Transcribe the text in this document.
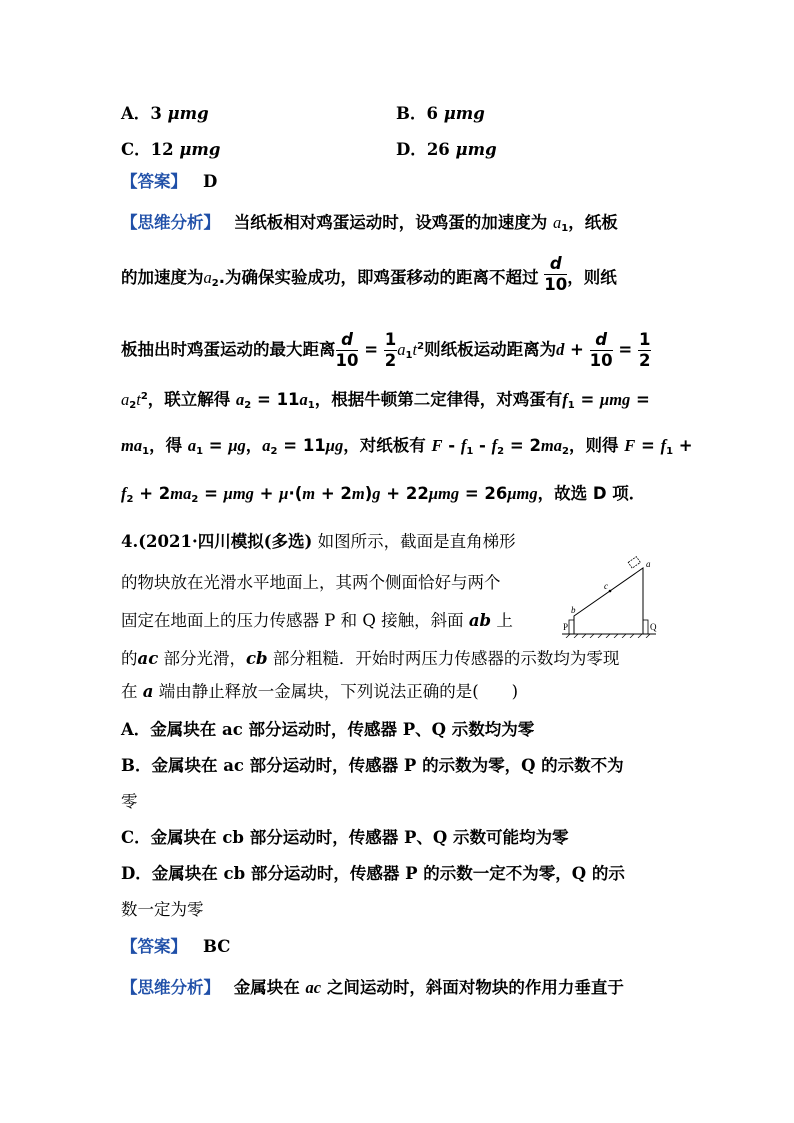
A．3 μmg	B．6 μmg
C．12 μmg	D．26 μmg
【答案】 D
【思维分析】 当纸板相对鸡蛋运动时，设鸡蛋的加速度为 $a_1$，纸板
的加速度为$a_2$.为确保实验成功，即鸡蛋移动的距离不超过 $\frac{d}{10}$ ，则纸
板抽出时鸡蛋运动的最大距离 $\frac{d}{10} = \frac{1}{2} a_1t^2$则纸板运动距离为$d + \frac{d}{10} = \frac{1}{2}$
$a_2t^2$，联立解得 $a_2 = 11a_1$，根据牛顿第二定律得，对鸡蛋有$f_1 = \mu mg$ =
$ma_1$，得 $a_1 = \mu g$，$a_2 = 11\mu g$，对纸板有 $F - f_1 - f_2 = 2ma_2$，则得 $F = f_1$ +
$f_2 + 2ma_2 = \mu mg + \mu\cdot(m + 2m)g + 22\mu mg = 26\mu mg$，故选 D 项．
4.(2021·四川模拟(多选) 如图所示，截面是直角梯形
的物块放在光滑水平地面上，其两个侧面恰好与两个
固定在地面上的压力传感器 P 和 Q 接触，斜面 ab 上
的ac 部分光滑，cb 部分粗糙．开始时两压力传感器的示数均为零现
在 a 端由静止释放一金属块，下列说法正确的是(　　)
a
b
c
P	Q
A．金属块在 ac 部分运动时，传感器 P、Q 示数均为零
B．金属块在 ac 部分运动时，传感器 P 的示数为零，Q 的示数不为
零
C．金属块在 cb 部分运动时，传感器 P、Q 示数可能均为零
D．金属块在 cb 部分运动时，传感器 P 的示数一定不为零，Q 的示
数一定为零
【答案】 BC
【思维分析】 金属块在 ac 之间运动时，斜面对物块的作用力垂直于
